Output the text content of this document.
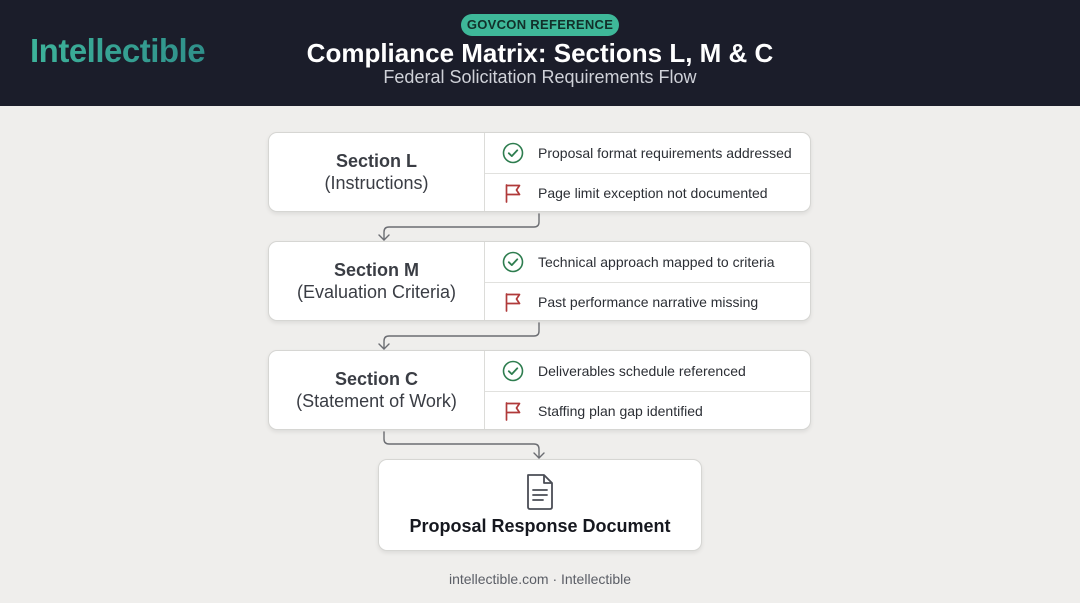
Intellectible
GOVCON REFERENCE
Compliance Matrix: Sections L, M & C
Federal Solicitation Requirements Flow
Section L
(Instructions)
Proposal format requirements addressed
Page limit exception not documented
Section M
(Evaluation Criteria)
Technical approach mapped to criteria
Past performance narrative missing
Section C
(Statement of Work)
Deliverables schedule referenced
Staffing plan gap identified
Proposal Response Document
intellectible.com · Intellectible
